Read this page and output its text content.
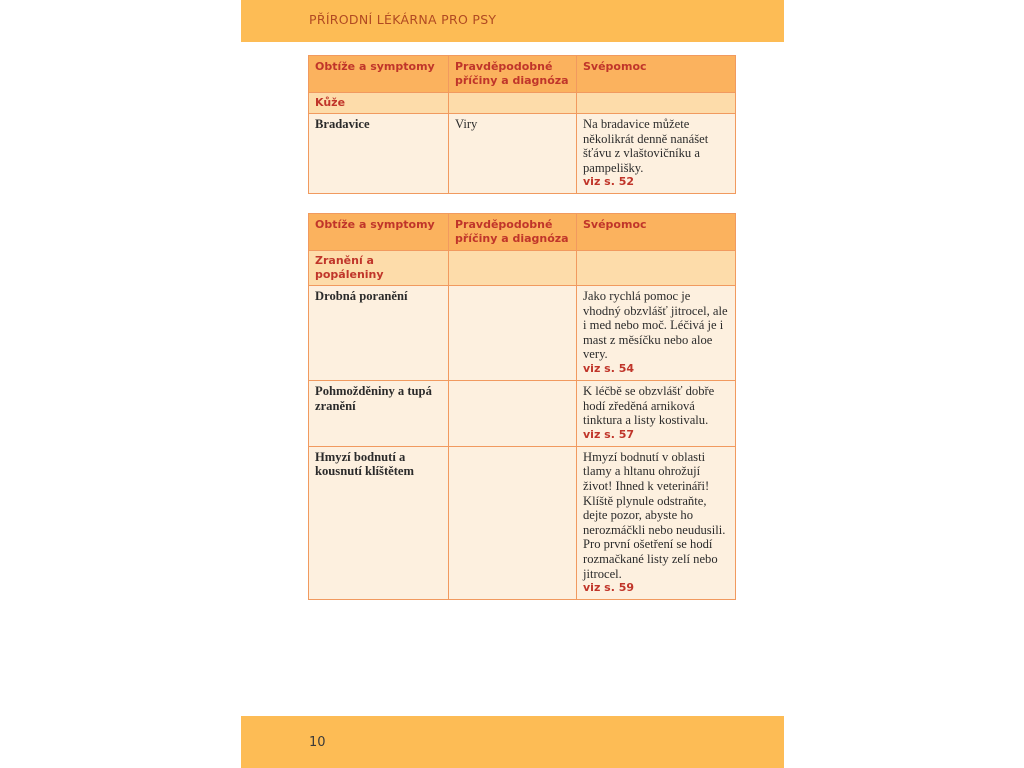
PŘÍRODNÍ LÉKÁRNA PRO PSY
Obtíže a symptomy	Pravděpodobné příčiny a diagnóza	Svépomoc
Kůže		
Bradavice	Viry	Na bradavice můžete několikrát denně nanášet šťávu z vlaštovičníku a pampelišky.
viz s. 52
Obtíže a symptomy	Pravděpodobné příčiny a diagnóza	Svépomoc
Zranění a popáleniny		
Drobná poranění		Jako rychlá pomoc je vhodný obzvlášť jitrocel, ale i med nebo moč. Léčivá je i mast z měsíčku nebo aloe very.
viz s. 54

Pohmožděniny a tupá zranění		K léčbě se obzvlášť dobře hodí zředěná arniková tinktura a listy kostivalu.
viz s. 57

Hmyzí bodnutí a kousnutí klíštětem		Hmyzí bodnutí v oblasti tlamy a hltanu ohrožují život! Ihned k veterináři! Klíště plynule odstraňte, dejte pozor, abyste ho nerozmáčkli nebo neudusili. Pro první ošetření se hodí rozmačkané listy zelí nebo jitrocel.
viz s. 59
10
